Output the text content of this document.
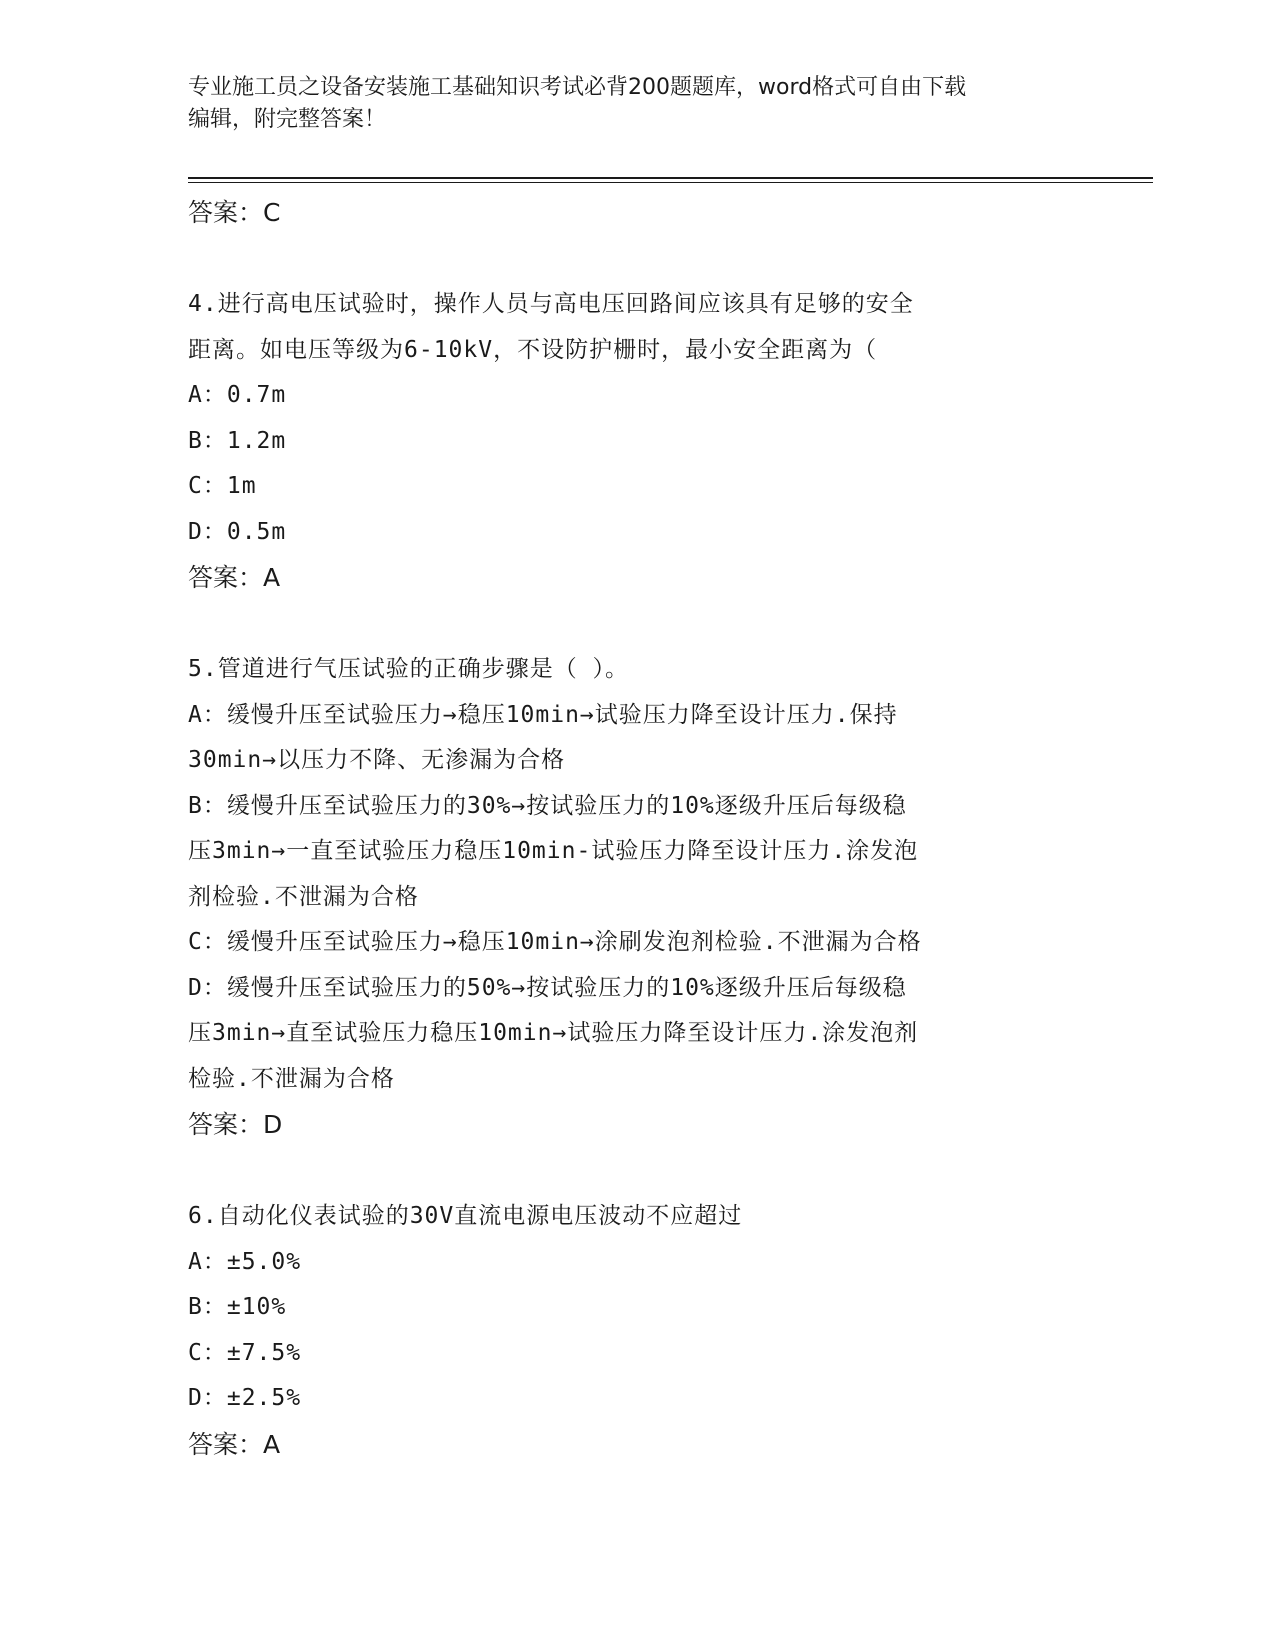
专业施工员之设备安装施工基础知识考试必背200题题库，word格式可自由下载
编辑，附完整答案！

答案：C

4.进行高电压试验时，操作人员与高电压回路间应该具有足够的安全

距离。如电压等级为6-10kV，不设防护栅时，最小安全距离为（

A：0.7m

B：1.2m

C：1m

D：0.5m

答案：A

5.管道进行气压试验的正确步骤是（ ）。

A：缓慢升压至试验压力→稳压10min→试验压力降至设计压力.保持

30min→以压力不降、无渗漏为合格

B：缓慢升压至试验压力的30%→按试验压力的10%逐级升压后每级稳

压3min→一直至试验压力稳压10min-试验压力降至设计压力.涂发泡

剂检验.不泄漏为合格

C：缓慢升压至试验压力→稳压10min→涂刷发泡剂检验.不泄漏为合格

D：缓慢升压至试验压力的50%→按试验压力的10%逐级升压后每级稳

压3min→直至试验压力稳压10min→试验压力降至设计压力.涂发泡剂

检验.不泄漏为合格

答案：D

6.自动化仪表试验的30V直流电源电压波动不应超过

A：±5.0%

B：±10%

C：±7.5%

D：±2.5%

答案：A
